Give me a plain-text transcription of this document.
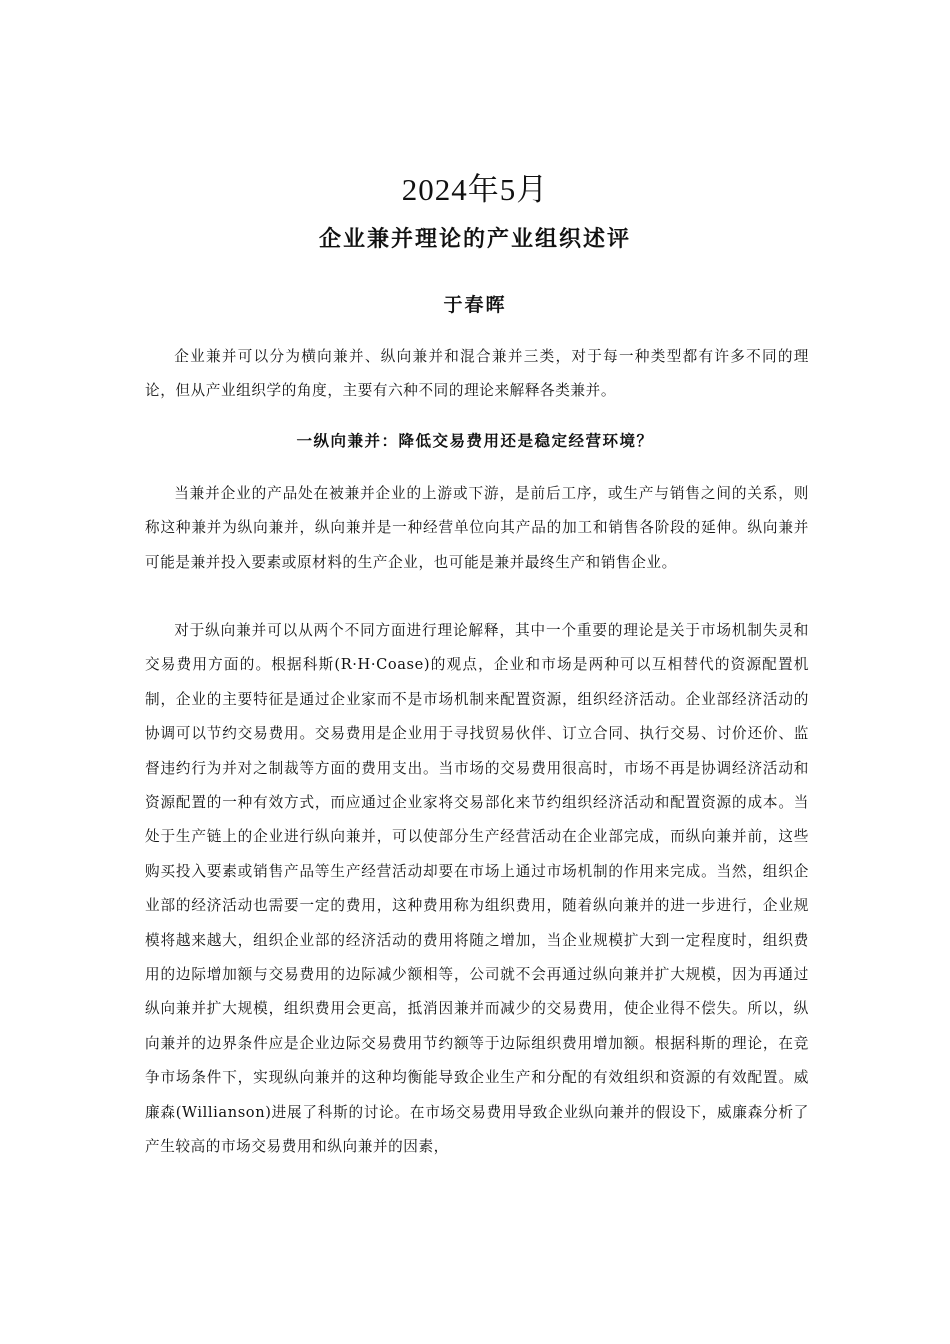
2024年5月
企业兼并理论的产业组织述评
于春晖

企业兼并可以分为横向兼并、纵向兼并和混合兼并三类，对于每一种类型都有许多不同的理论，但从产业组织学的角度，主要有六种不同的理论来解释各类兼并。

一纵向兼并：降低交易费用还是稳定经营环境？

当兼并企业的产品处在被兼并企业的上游或下游，是前后工序，或生产与销售之间的关系，则称这种兼并为纵向兼并，纵向兼并是一种经营单位向其产品的加工和销售各阶段的延伸。纵向兼并可能是兼并投入要素或原材料的生产企业，也可能是兼并最终生产和销售企业。

对于纵向兼并可以从两个不同方面进行理论解释，其中一个重要的理论是关于市场机制失灵和交易费用方面的。根据科斯(R·H·Coase)的观点，企业和市场是两种可以互相替代的资源配置机制，企业的主要特征是通过企业家而不是市场机制来配置资源，组织经济活动。企业部经济活动的协调可以节约交易费用。交易费用是企业用于寻找贸易伙伴、订立合同、执行交易、讨价还价、监督违约行为并对之制裁等方面的费用支出。当市场的交易费用很高时，市场不再是协调经济活动和资源配置的一种有效方式，而应通过企业家将交易部化来节约组织经济活动和配置资源的成本。当处于生产链上的企业进行纵向兼并，可以使部分生产经营活动在企业部完成，而纵向兼并前，这些购买投入要素或销售产品等生产经营活动却要在市场上通过市场机制的作用来完成。当然，组织企业部的经济活动也需要一定的费用，这种费用称为组织费用，随着纵向兼并的进一步进行，企业规模将越来越大，组织企业部的经济活动的费用将随之增加，当企业规模扩大到一定程度时，组织费用的边际增加额与交易费用的边际减少额相等，公司就不会再通过纵向兼并扩大规模，因为再通过纵向兼并扩大规模，组织费用会更高，抵消因兼并而减少的交易费用，使企业得不偿失。所以，纵向兼并的边界条件应是企业边际交易费用节约额等于边际组织费用增加额。根据科斯的理论，在竞争市场条件下，实现纵向兼并的这种均衡能导致企业生产和分配的有效组织和资源的有效配置。威廉森(Willianson)进展了科斯的讨论。在市场交易费用导致企业纵向兼并的假设下，威廉森分析了产生较高的市场交易费用和纵向兼并的因素，
